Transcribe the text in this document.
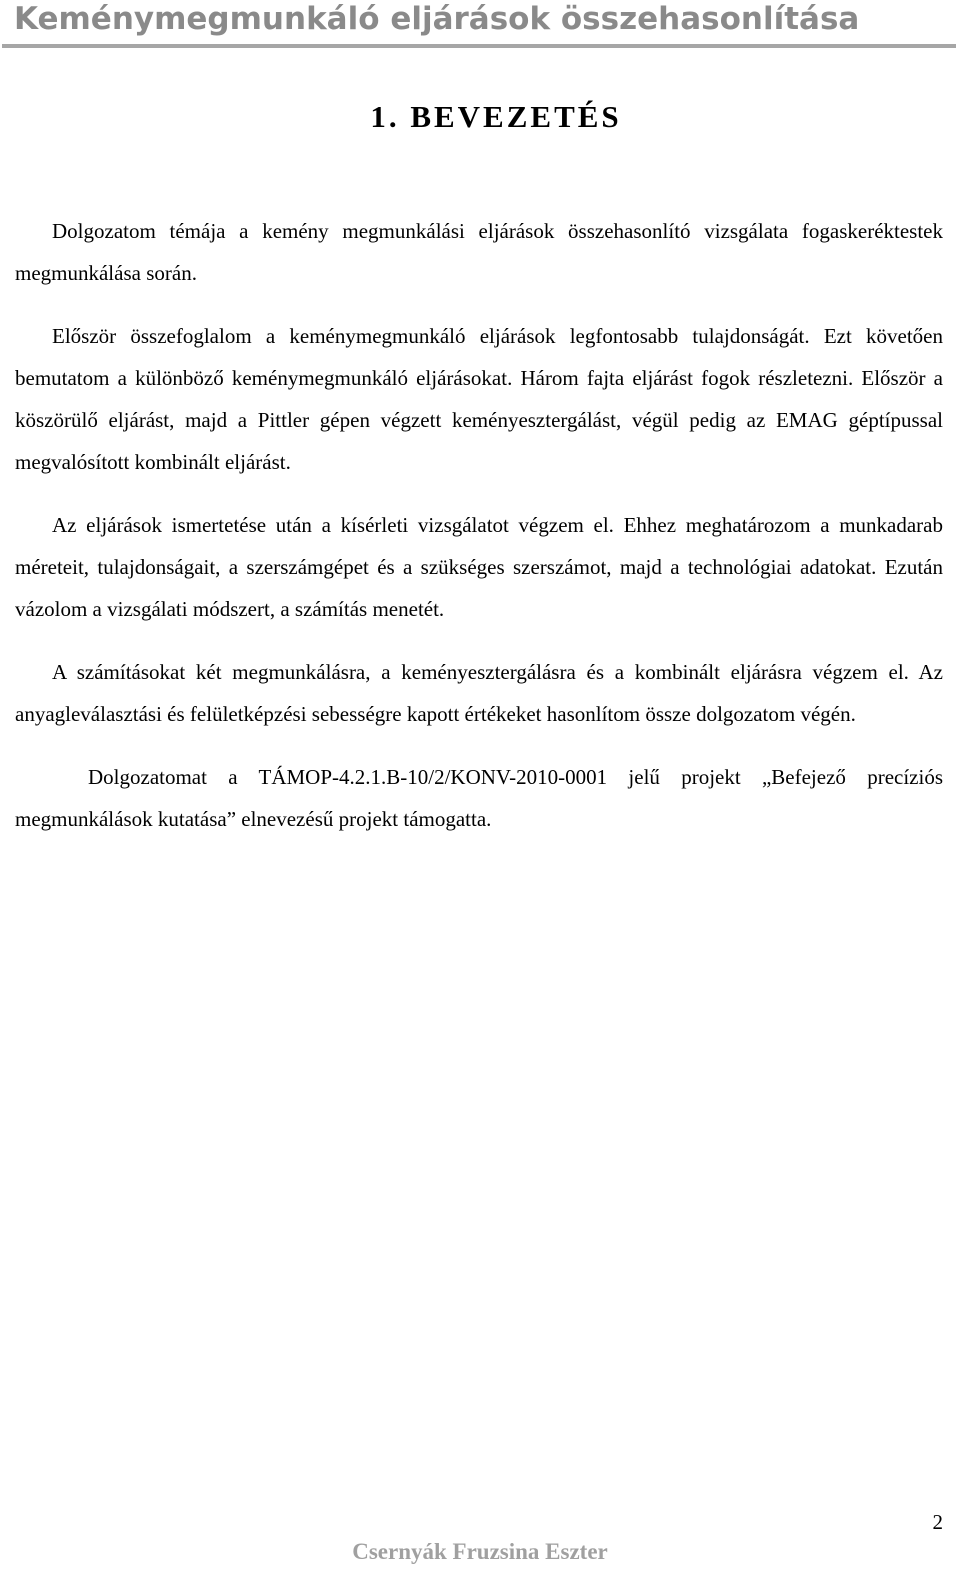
Keménymegmunkáló eljárások összehasonlítása
1. BEVEZETÉS

Dolgozatom témája a kemény megmunkálási eljárások összehasonlító vizsgálata fogaskeréktestek megmunkálása során.

Először összefoglalom a keménymegmunkáló eljárások legfontosabb tulajdonságát. Ezt követően bemutatom a különböző keménymegmunkáló eljárásokat. Három fajta eljárást fogok részletezni. Először a köszörülő eljárást, majd a Pittler gépen végzett keményesztergálást, végül pedig az EMAG géptípussal megvalósított kombinált eljárást.

Az eljárások ismertetése után a kísérleti vizsgálatot végzem el. Ehhez meghatározom a munkadarab méreteit, tulajdonságait, a szerszámgépet és a szükséges szerszámot, majd a technológiai adatokat. Ezután vázolom a vizsgálati módszert, a számítás menetét.

A számításokat két megmunkálásra, a keményesztergálásra és a kombinált eljárásra végzem el. Az anyagleválasztási és felületképzési sebességre kapott értékeket hasonlítom össze dolgozatom végén.

Dolgozatomat a TÁMOP-4.2.1.B-10/2/KONV-2010-0001 jelű projekt „Befejező precíziós megmunkálások kutatása” elnevezésű projekt támogatta.

2
Csernyák Fruzsina Eszter
